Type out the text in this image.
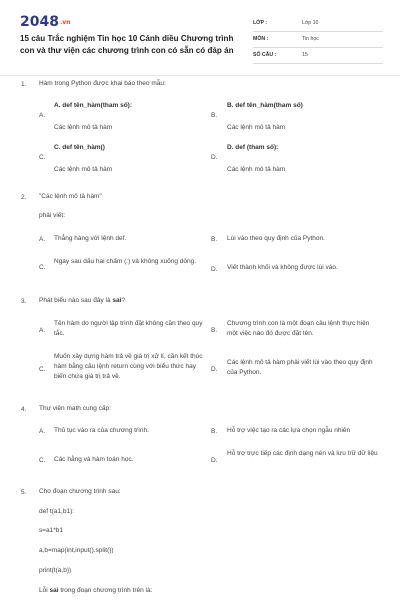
2048.vn
15 câu Trắc nghiệm Tin học 10 Cánh diều Chương trình con và thư viện các chương trình con có sẵn có đáp án
LỚP :	Lớp 10
MÔN :	Tin học
SỐ CÂU :	15
1. Hàm trong Python được khai báo theo mẫu:
A.
A. def tên_hàm(tham số):
Các lệnh mô tả hàm
B.
B. def tên_hàm(tham số)
Các lệnh mô tả hàm
C.
C. def tên_hàm()
Các lệnh mô tả hàm
D.
D. def (tham số):
Các lệnh mô tả hàm
2. "Các lệnh mô tả hàm"
phải viết:
A. Thẳng hàng với lệnh def.	B. Lùi vào theo quy định của Python.
C.
Ngay sau dấu hai chấm (:) và không xuống dòng.
D. Viết thành khối và không được lùi vào.
3. Phát biểu nào sau đây là sai?
A.
Tên hàm do người lập trình đặt không cần theo quy tắc.	B.
Chương trình con là một đoạn câu lệnh thực hiện một việc nào đó được đặt tên.
C.
Muốn xây dựng hàm trả về giá trị xử lí, cần kết thúc hàm bằng câu lệnh return cùng với biểu thức hay biến chứa giá trị trả về.
D.
Các lệnh mô tả hàm phải viết lùi vào theo quy định của Python.
4. Thư viện math cung cấp:
A. Thủ tục vào ra của chương trình.	B. Hỗ trợ việc tạo ra các lựa chọn ngẫu nhiên
C. Các hằng và hàm toán học.	D.
Hỗ trợ trực tiếp các định dạng nén và lưu trữ dữ liệu
5. Cho đoạn chương trình sau:
def t(a1,b1):
s=a1*b1
a,b=map(int,input().split())
print(t(a,b))
Lỗi sai trong đoạn chương trình trên là:
